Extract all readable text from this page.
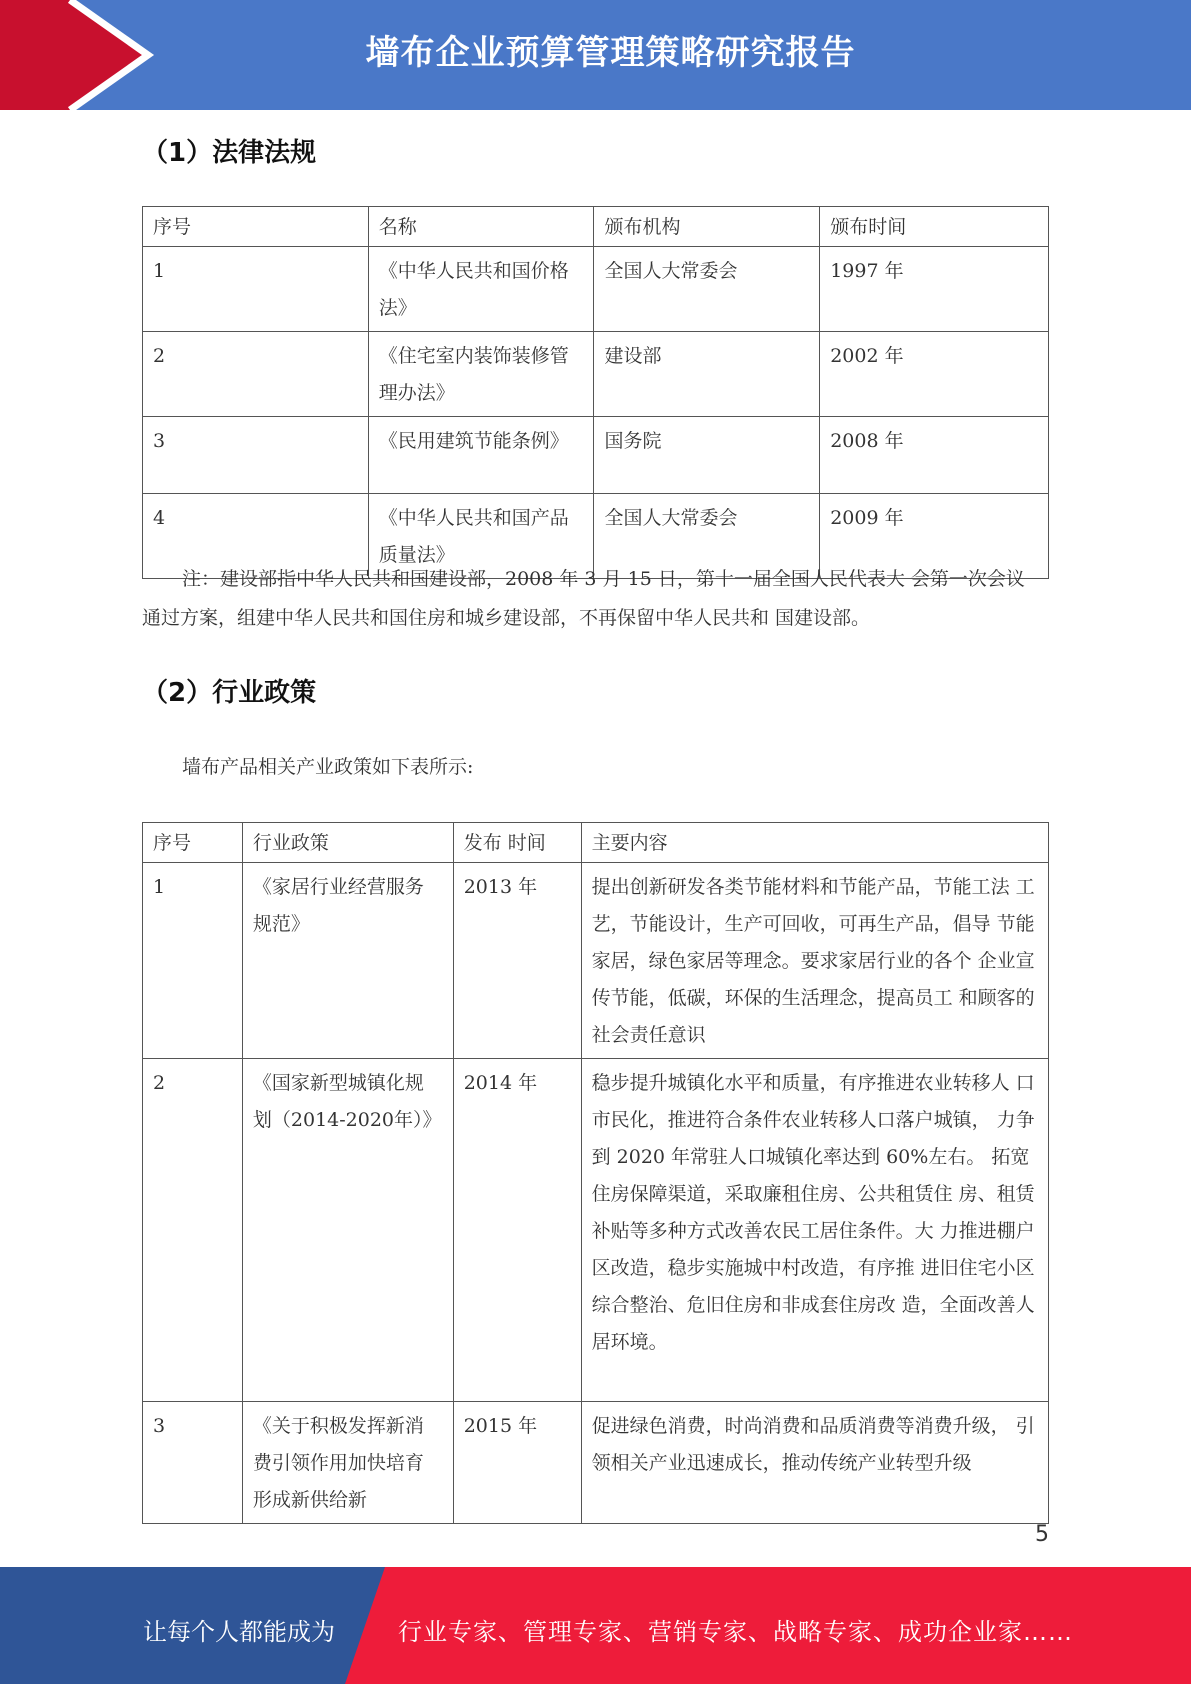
墙布企业预算管理策略研究报告
（1）法律法规
序号	名称	颁布机构	颁布时间
1	《中华人民共和国价格法》	全国人大常委会	1997 年
2	《住宅室内装饰装修管理办法》	建设部	2002 年
3	《民用建筑节能条例》	国务院	2008 年
4	《中华人民共和国产品质量法》	全国人大常委会	2009 年
注：建设部指中华人民共和国建设部，2008 年 3 月 15 日，第十一届全国人民代表大 会第一次会议通过方案，组建中华人民共和国住房和城乡建设部，不再保留中华人民共和 国建设部。
（2）行业政策
墙布产品相关产业政策如下表所示:
序号	行业政策	发布 时间	主要内容
1	《家居行业经营服务规范》	2013 年	提出创新研发各类节能材料和节能产品，节能工法 工艺，节能设计，生产可回收，可再生产品，倡导 节能家居，绿色家居等理念。要求家居行业的各个 企业宣传节能，低碳，环保的生活理念，提高员工 和顾客的社会责任意识
2	《国家新型城镇化规划（2014-2020年）》	2014 年	稳步提升城镇化水平和质量，有序推进农业转移人 口市民化，推进符合条件农业转移人口落户城镇， 力争到 2020 年常驻人口城镇化率达到 60%左右。 拓宽住房保障渠道，采取廉租住房、公共租赁住 房、租赁补贴等多种方式改善农民工居住条件。大 力推进棚户区改造，稳步实施城中村改造，有序推 进旧住宅小区综合整治、危旧住房和非成套住房改 造，全面改善人居环境。
3	《关于积极发挥新消费引领作用加快培育形成新供给新	2015 年	促进绿色消费，时尚消费和品质消费等消费升级， 引领相关产业迅速成长，推动传统产业转型升级
5
让每个人都能成为	行业专家、管理专家、营销专家、战略专家、成功企业家……
